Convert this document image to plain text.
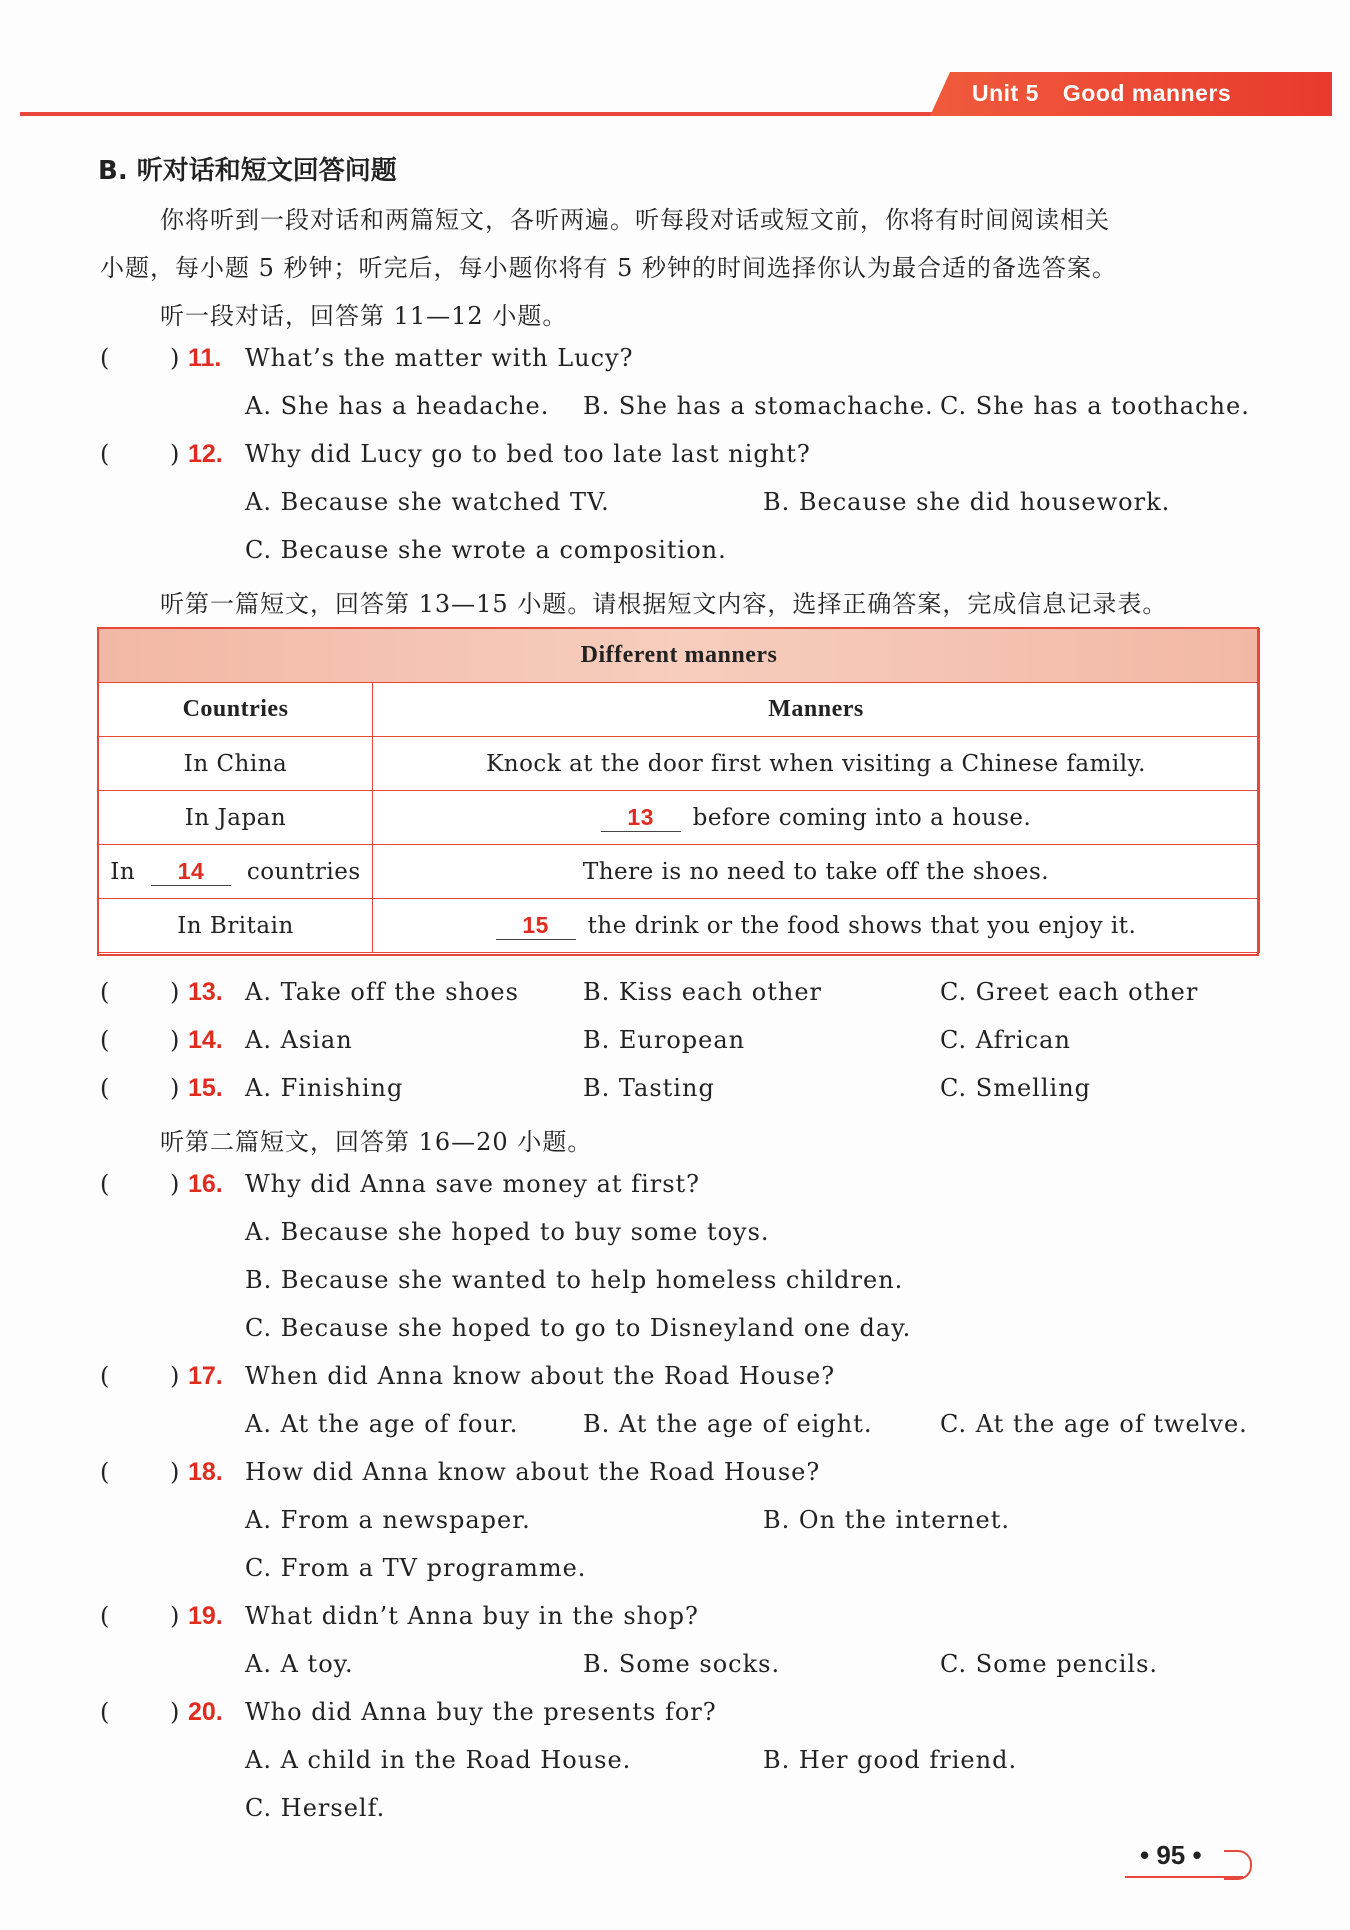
Unit 5 Good manners
B. 听对话和短文回答问题
你将听到一段对话和两篇短文，各听两遍。听每段对话或短文前，你将有时间阅读相关
小题，每小题 5 秒钟；听完后，每小题你将有 5 秒钟的时间选择你认为最合适的备选答案。
听一段对话，回答第 11—12 小题。
(	) 11. What’s the matter with Lucy?
A. She has a headache. B. She has a stomachache. C. She has a toothache.
(	) 12. Why did Lucy go to bed too late last night?
A. Because she watched TV.	B. Because she did housework.
C. Because she wrote a composition.
听第一篇短文，回答第 13—15 小题。请根据短文内容，选择正确答案，完成信息记录表。
Different manners	
Countries	Manners
In China	Knock at the door first when visiting a Chinese family.
In Japan	13 before coming into a house.
In 14 countries	There is no need to take off the shoes.
In Britain	15 the drink or the food shows that you enjoy it.
(	) 13. A. Take off the shoes	B. Kiss each other	C. Greet each other
(	) 14. A. Asian	B. European	C. African
(	) 15. A. Finishing	B. Tasting	C. Smelling
听第二篇短文，回答第 16—20 小题。
(	) 16. Why did Anna save money at first?
A. Because she hoped to buy some toys.
B. Because she wanted to help homeless children.
C. Because she hoped to go to Disneyland one day.
(	) 17. When did Anna know about the Road House?
A. At the age of four.	B. At the age of eight.	C. At the age of twelve.
(	) 18. How did Anna know about the Road House?
A. From a newspaper.	B. On the internet.
C. From a TV programme.
(	) 19. What didn’t Anna buy in the shop?
A. A toy.	B. Some socks.	C. Some pencils.
(	) 20. Who did Anna buy the presents for?
A. A child in the Road House.	B. Her good friend.
C. Herself.
• 95 •
